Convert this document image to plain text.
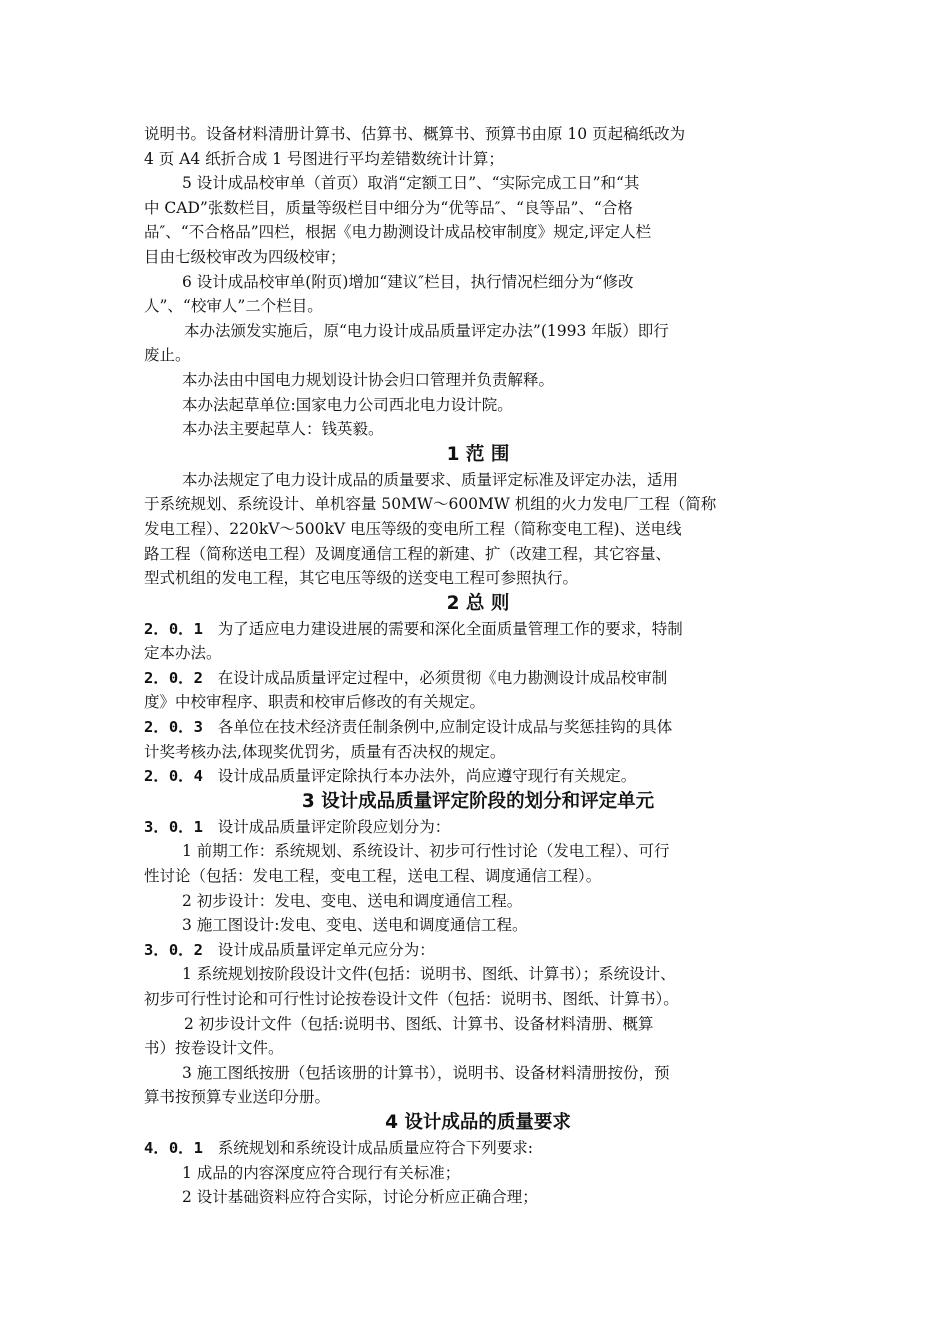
说明书。设备材料清册计算书、估算书、概算书、预算书由原 10 页起稿纸改为
4 页 A4 纸折合成 1 号图进行平均差错数统计计算；
5 设计成品校审单（首页）取消“定额工日”、“实际完成工日”和“其
中 CAD”张数栏目，质量等级栏目中细分为“优等品″、“良等品”、“合格
品″、“不合格品”四栏，根据《电力勘测设计成品校审制度》规定,评定人栏
目由七级校审改为四级校审；
6 设计成品校审单(附页)增加“建议″栏目，执行情况栏细分为“修改
人”、“校审人”二个栏目。
本办法颁发实施后，原“电力设计成品质量评定办法”(1993 年版）即行
废止。
本办法由中国电力规划设计协会归口管理并负责解释。
本办法起草单位:国家电力公司西北电力设计院。
本办法主要起草人：钱英毅。
1 范 围
本办法规定了电力设计成品的质量要求、质量评定标准及评定办法，适用
于系统规划、系统设计、单机容量 50MW～600MW 机组的火力发电厂工程（简称
发电工程）、220kV～500kV 电压等级的变电所工程（简称变电工程)、送电线
路工程（简称送电工程）及调度通信工程的新建、扩（改建工程，其它容量、
型式机组的发电工程，其它电压等级的送变电工程可参照执行。
2 总 则
2．0．1 为了适应电力建设进展的需要和深化全面质量管理工作的要求，特制
定本办法。
2．0．2 在设计成品质量评定过程中，必须贯彻《电力勘测设计成品校审制
度》中校审程序、职责和校审后修改的有关规定。
2．0．3 各单位在技术经济责任制条例中,应制定设计成品与奖惩挂钩的具体
计奖考核办法,体现奖优罚劣，质量有否决权的规定。
2．0．4 设计成品质量评定除执行本办法外，尚应遵守现行有关规定。
3 设计成品质量评定阶段的划分和评定单元
3．0．1 设计成品质量评定阶段应划分为：
1 前期工作：系统规划、系统设计、初步可行性讨论（发电工程）、可行
性讨论（包括：发电工程，变电工程，送电工程、调度通信工程）。
2 初步设计：发电、变电、送电和调度通信工程。
3 施工图设计:发电、变电、送电和调度通信工程。
3．0．2 设计成品质量评定单元应分为：
1 系统规划按阶段设计文件(包括：说明书、图纸、计算书）；系统设计、
初步可行性讨论和可行性讨论按卷设计文件（包括：说明书、图纸、计算书）。
2 初步设计文件（包括:说明书、图纸、计算书、设备材料清册、概算
书）按卷设计文件。
3 施工图纸按册（包括该册的计算书），说明书、设备材料清册按份，预
算书按预算专业送印分册。
4 设计成品的质量要求
4．0．1 系统规划和系统设计成品质量应符合下列要求:
1 成品的内容深度应符合现行有关标准；
2 设计基础资料应符合实际，讨论分析应正确合理；
